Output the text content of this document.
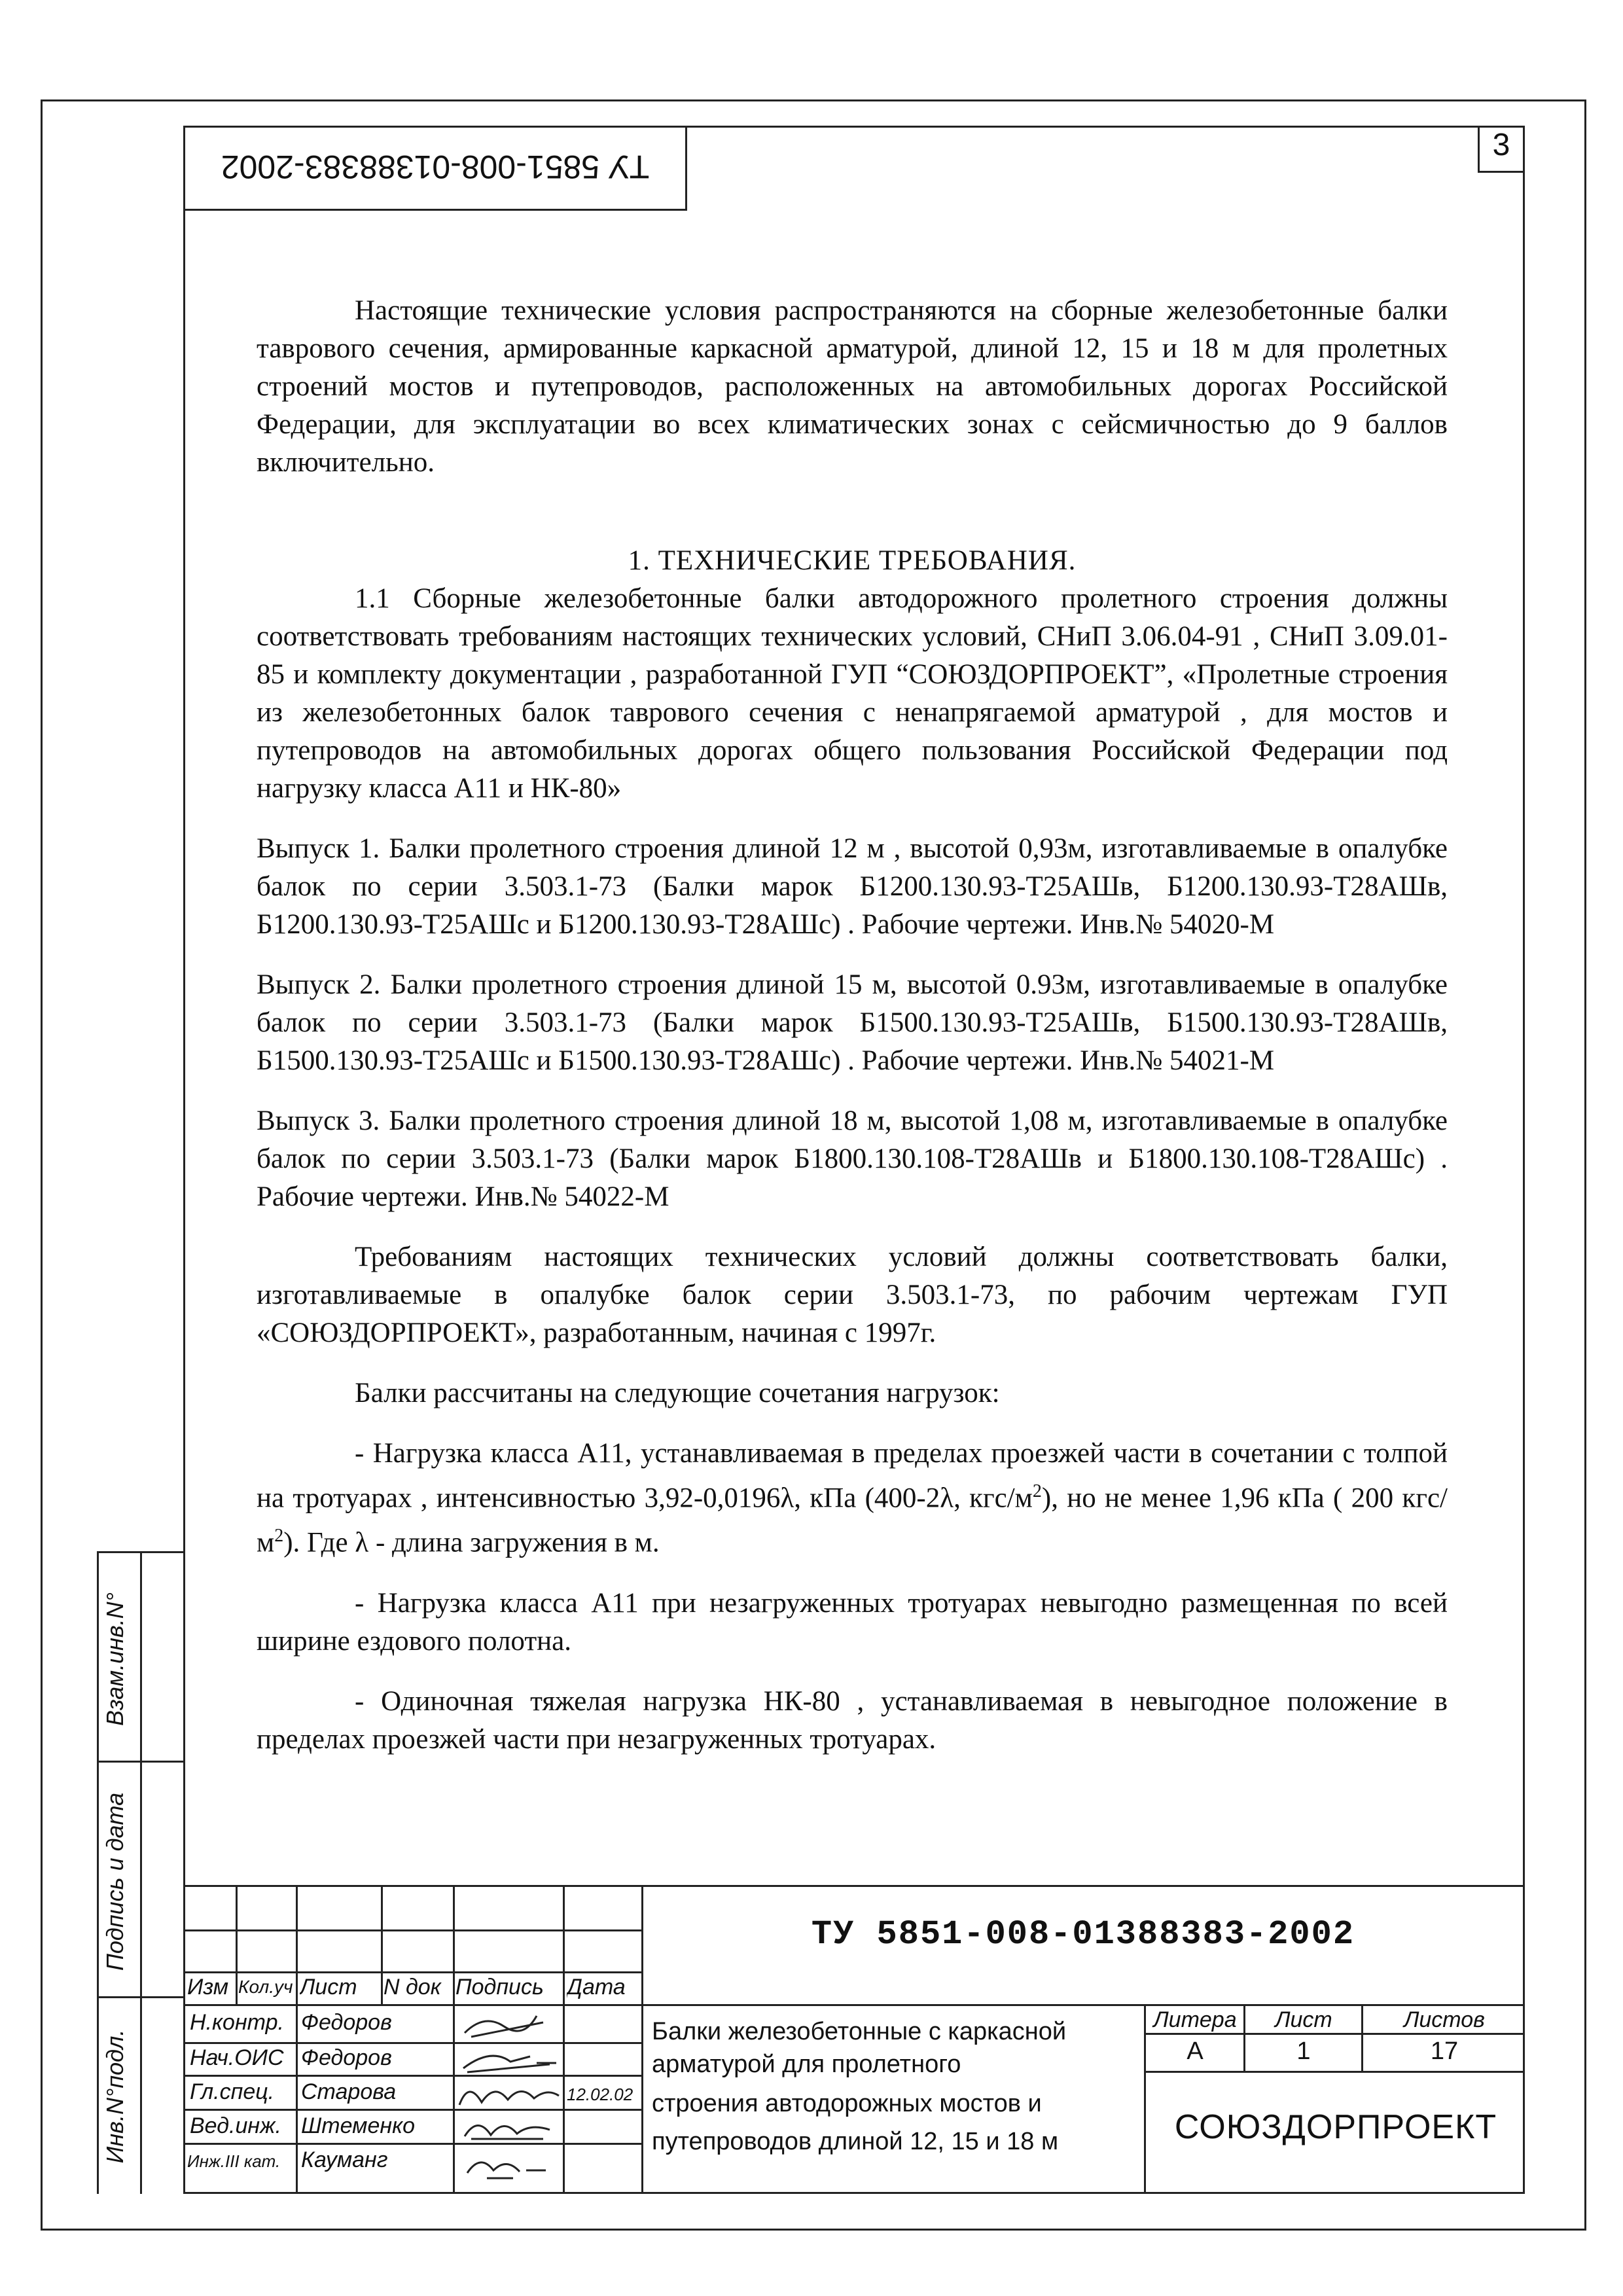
3
ТУ 5851-008-01388383-2002

Настоящие технические условия распространяются на сборные железобетонные балки таврового сечения, армированные каркасной арматурой, длиной 12, 15 и 18 м для пролетных строений мостов и путепроводов, расположенных на автомобильных дорогах Российской Федерации, для эксплуатации во всех климатических зонах с сейсмичностью до 9 баллов включительно.

1. ТЕХНИЧЕСКИЕ ТРЕБОВАНИЯ.

1.1 Сборные железобетонные балки автодорожного пролетного строения должны соответствовать требованиям настоящих технических условий, СНиП 3.06.04-91 , СНиП 3.09.01-85 и комплекту документации , разработанной ГУП “СОЮЗДОРПРОЕКТ”, «Пролетные строения из железобетонных балок таврового сечения с ненапрягаемой арматурой , для мостов и путепроводов на автомобильных дорогах общего пользования Российской Федерации под нагрузку класса А11 и НК-80»

Выпуск 1. Балки пролетного строения длиной 12 м , высотой 0,93м, изготавливаемые в опалубке балок по серии 3.503.1-73 (Балки марок Б1200.130.93-Т25АШв, Б1200.130.93-Т28АШв, Б1200.130.93-Т25АШс и Б1200.130.93-Т28АШс) . Рабочие чертежи. Инв.№ 54020-М

Выпуск 2. Балки пролетного строения длиной 15 м, высотой 0.93м, изготавливаемые в опалубке балок по серии 3.503.1-73 (Балки марок Б1500.130.93-Т25АШв, Б1500.130.93-Т28АШв, Б1500.130.93-Т25АШс и Б1500.130.93-Т28АШс) . Рабочие чертежи. Инв.№ 54021-М

Выпуск 3. Балки пролетного строения длиной 18 м, высотой 1,08 м, изготавливаемые в опалубке балок по серии 3.503.1-73 (Балки марок Б1800.130.108-Т28АШв и Б1800.130.108-Т28АШс) . Рабочие чертежи. Инв.№ 54022-М

Требованиям настоящих технических условий должны соответствовать балки, изготавливаемые в опалубке балок серии 3.503.1-73, по рабочим чертежам ГУП «СОЮЗДОРПРОЕКТ», разработанным, начиная с 1997г.

Балки рассчитаны на следующие сочетания нагрузок:

- Нагрузка класса А11, устанавливаемая в пределах проезжей части в сочетании с толпой на тротуарах , интенсивностью 3,92-0,0196λ, кПа (400-2λ, кгс/$м^2$), но не менее 1,96 кПа ( 200 кгс/$м^2$). Где λ - длина загружения в м.

- Нагрузка класса А11 при незагруженных тротуарах невыгодно размещенная по всей ширине ездового полотна.

- Одиночная тяжелая нагрузка НК-80 , устанавливаемая в невыгодное положение в пределах проезжей части при незагруженных тротуарах.

Взам.инв.N°
Подпись и дата
Инв.N°подл.
ТУ 5851-008-01388383-2002
Изм Кол.уч Лист	N док Подпись	Дата
Н.контр. Федоров
Нач.ОИС Федоров
Гл.спец.	Старова	12.02.02
Вед.инж. Штеменко
Инж.III кат. Кауманг
Балки железобетонные с каркасной
арматурой для пролетного
строения автодорожных мостов и
путепроводов длиной 12, 15 и 18 м
Литера	Лист	Листов
А	1	17
СОЮЗДОРПРОЕКТ
